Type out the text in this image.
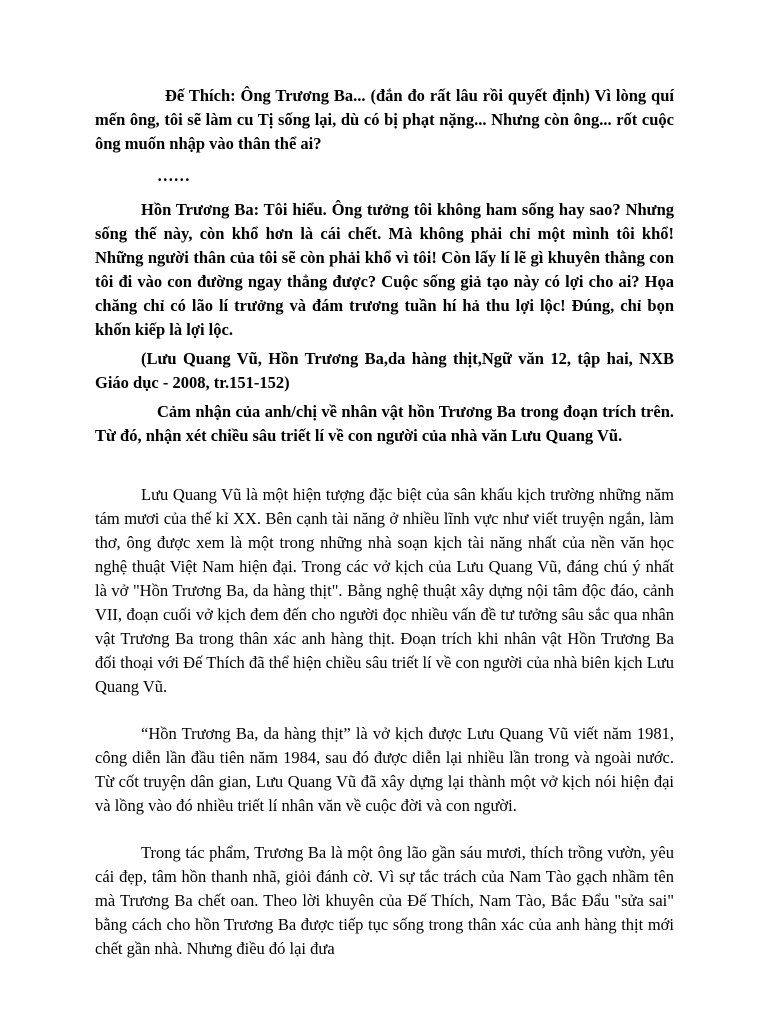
Đế Thích: Ông Trương Ba... (đắn đo rất lâu rồi quyết định) Vì lòng quí mến ông, tôi sẽ làm cu Tị sống lại, dù có bị phạt nặng... Nhưng còn ông... rốt cuộc ông muốn nhập vào thân thể ai?

……

Hồn Trương Ba: Tôi hiểu. Ông tưởng tôi không ham sống hay sao? Nhưng sống thế này, còn khổ hơn là cái chết. Mà không phải chỉ một mình tôi khổ! Những người thân của tôi sẽ còn phải khổ vì tôi! Còn lấy lí lẽ gì khuyên thằng con tôi đi vào con đường ngay thẳng được? Cuộc sống giả tạo này có lợi cho ai? Họa chăng chỉ có lão lí trưởng và đám trương tuần hí hả thu lợi lộc! Đúng, chỉ bọn khốn kiếp là lợi lộc.

(Lưu Quang Vũ, Hồn Trương Ba,da hàng thịt,Ngữ văn 12, tập hai, NXB Giáo dục - 2008, tr.151-152)

Cảm nhận của anh/chị về nhân vật hồn Trương Ba trong đoạn trích trên. Từ đó, nhận xét chiều sâu triết lí về con người của nhà văn Lưu Quang Vũ.

Lưu Quang Vũ là một hiện tượng đặc biệt của sân khấu kịch trường những năm tám mươi của thế kỉ XX. Bên cạnh tài năng ở nhiều lĩnh vực như viết truyện ngắn, làm thơ, ông được xem là một trong những nhà soạn kịch tài năng nhất của nền văn học nghệ thuật Việt Nam hiện đại. Trong các vở kịch của Lưu Quang Vũ, đáng chú ý nhất là vở "Hồn Trương Ba, da hàng thịt". Bằng nghệ thuật xây dựng nội tâm độc đáo, cảnh VII, đoạn cuối vở kịch đem đến cho người đọc nhiều vấn đề tư tưởng sâu sắc qua nhân vật Trương Ba trong thân xác anh hàng thịt. Đoạn trích khi nhân vật Hồn Trương Ba đối thoại với Đế Thích đã thể hiện chiều sâu triết lí về con người của nhà biên kịch Lưu Quang Vũ.

“Hồn Trương Ba, da hàng thịt” là vở kịch được Lưu Quang Vũ viết năm 1981, công diễn lần đầu tiên năm 1984, sau đó được diễn lại nhiều lần trong và ngoài nước. Từ cốt truyện dân gian, Lưu Quang Vũ đã xây dựng lại thành một vở kịch nói hiện đại và lồng vào đó nhiều triết lí nhân văn về cuộc đời và con người.

Trong tác phẩm, Trương Ba là một ông lão gần sáu mươi, thích trồng vườn, yêu cái đẹp, tâm hồn thanh nhã, giỏi đánh cờ. Vì sự tắc trách của Nam Tào gạch nhầm tên mà Trương Ba chết oan. Theo lời khuyên của Đế Thích, Nam Tào, Bắc Đẩu "sửa sai" bằng cách cho hồn Trương Ba được tiếp tục sống trong thân xác của anh hàng thịt mới chết gần nhà. Nhưng điều đó lại đưa
